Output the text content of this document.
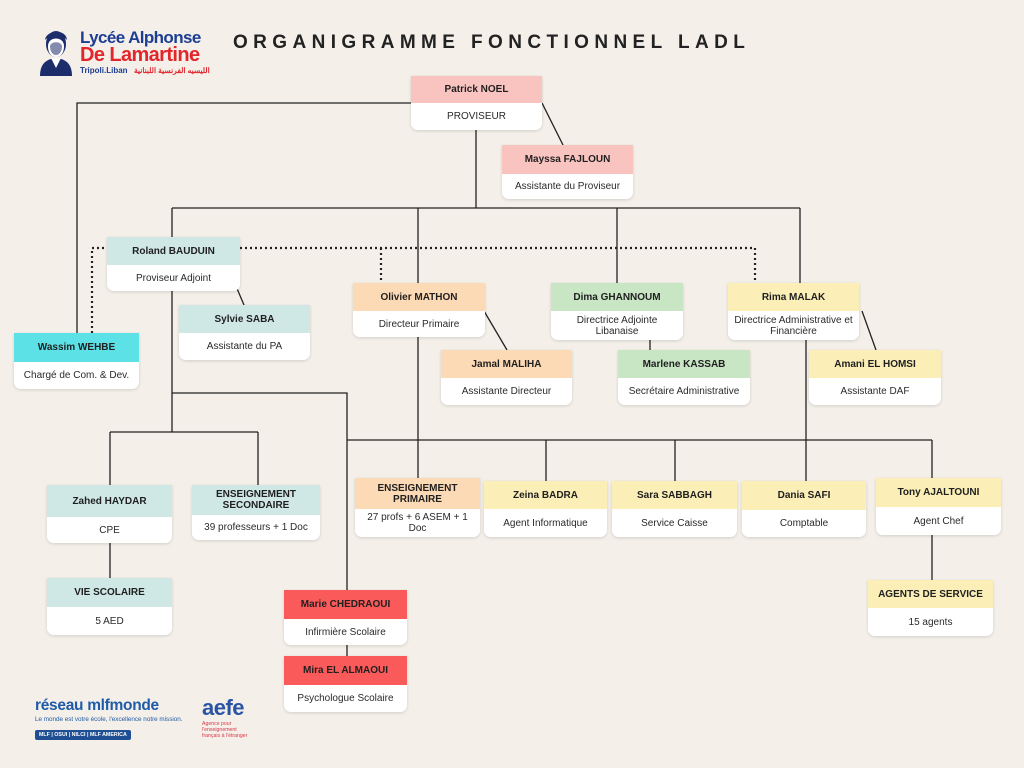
Lycée Alphonse
De Lamartine
Tripoli.Liban الليسيه الفرنسية اللبنانية
ORGANIGRAMME FONCTIONNEL LADL
Patrick NOEL
PROVISEUR
Mayssa FAJLOUN
Assistante du Proviseur
Roland BAUDUIN
Proviseur Adjoint
Sylvie SABA
Assistante du PA
Wassim WEHBE
Chargé de Com. & Dev.
Olivier MATHON
Directeur Primaire
Jamal MALIHA
Assistante Directeur
Dima GHANNOUM
Directrice Adjointe Libanaise
Marlene KASSAB
Secrétaire Administrative
Rima MALAK
Directrice Administrative et Financière
Amani EL HOMSI
Assistante DAF
Zahed HAYDAR
CPE
ENSEIGNEMENT SECONDAIRE
39 professeurs + 1 Doc
VIE SCOLAIRE
5 AED
ENSEIGNEMENT PRIMAIRE
27 profs + 6 ASEM + 1 Doc
Zeina BADRA
Agent Informatique
Sara SABBAGH
Service Caisse
Dania SAFI
Comptable
Tony AJALTOUNI
Agent Chef
AGENTS DE SERVICE
15 agents
Marie CHEDRAOUI
Infirmière Scolaire
Mira EL ALMAOUI
Psychologue Scolaire
réseau mlfmonde
Le monde est votre école, l'excellence notre mission.
MLF | OSUI | NILCI | MLF AMERICA
aefe
Agence pour l'enseignement français à l'étranger
